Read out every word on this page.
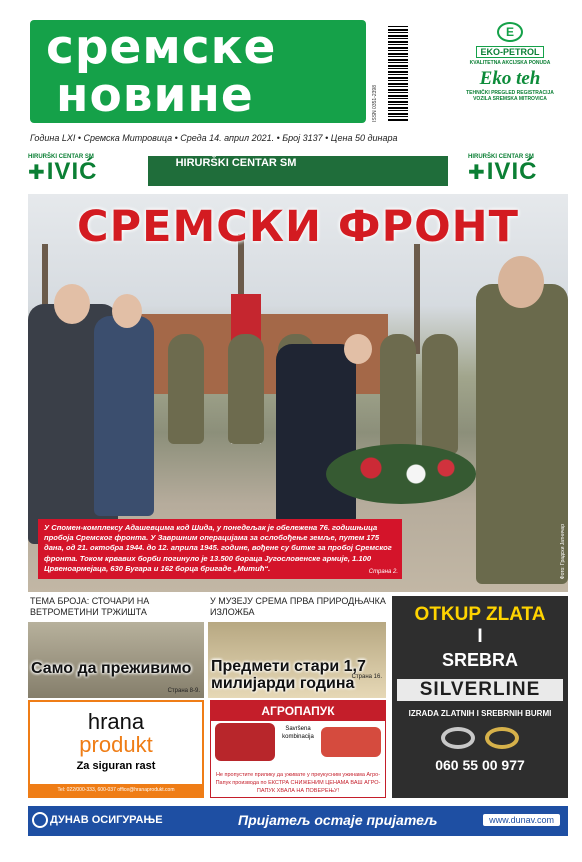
сремске
новине	ISSN 0351-2398
E
EKO-PETROL
KVALITETNA AKCIJSKA PONUDA
Eko teh
TEHNIČKI PREGLED REGISTRACIJA VOZILA SREMSKA MITROVICA
Година LXI • Сремска Митровица • Среда 14. април 2021. • Број 3137 • Цена 50 динара
HIRURŠKI CENTAR SM
✚IVIĆ	HIRURŠKI CENTAR SM	HIRURŠKI CENTAR SM
✚IVIĆ
СРЕМСКИ ФРОНТ
У Спомен-комплексу Адашевцима код Шида, у понедељак је обележена 76. годишњица пробоја Сремског фронта. У Завршним операцијама за ослобођење земље, путем 175 дана, од 21. октобра 1944. до 12. априла 1945. године, вођене су битке за пробој Сремског фронта. Током крвавих борби погинуло је 13.500 бораца Југословенске армије, 1.100 Црвеноармејаца, 630 Бугара и 162 борца бригаде „Митић“.	Страна 2.	Фото: Градски Јатничар
ТЕМА БРОЈА: СТОЧАРИ НА ВЕТРОМЕТИНИ ТРЖИШТА
Само да преживимо
Страна 8-9.
У МУЗЕЈУ СРЕМА ПРВА ПРИРОДЊАЧКА ИЗЛОЖБА
Предмети стари 1,7 милијарди година
Страна 16.
OTKUP ZLATA
I
SREBRA
SILVERLINE
IZRADA ZLATNIH I SREBRNIH BURMI
060 55 00 977
hrana
produkt
Za siguran rast
Tel: 022/000-333, 600-037 office@hranaprodukt.com
АГРОПАПУК
Savršena kombinacija
Не пропустите прилику да уживате у преукусним ужинама Агро-Папук производа по ЕКСТРА СНИЖЕНИМ ЦЕНАМА ВАШ АГРО-ПАПУК ХВАЛА НА ПОВЕРЕЊУ!
ДУНАВ ОСИГУРАЊЕ	Пријатељ остаје пријатељ	www.dunav.com
